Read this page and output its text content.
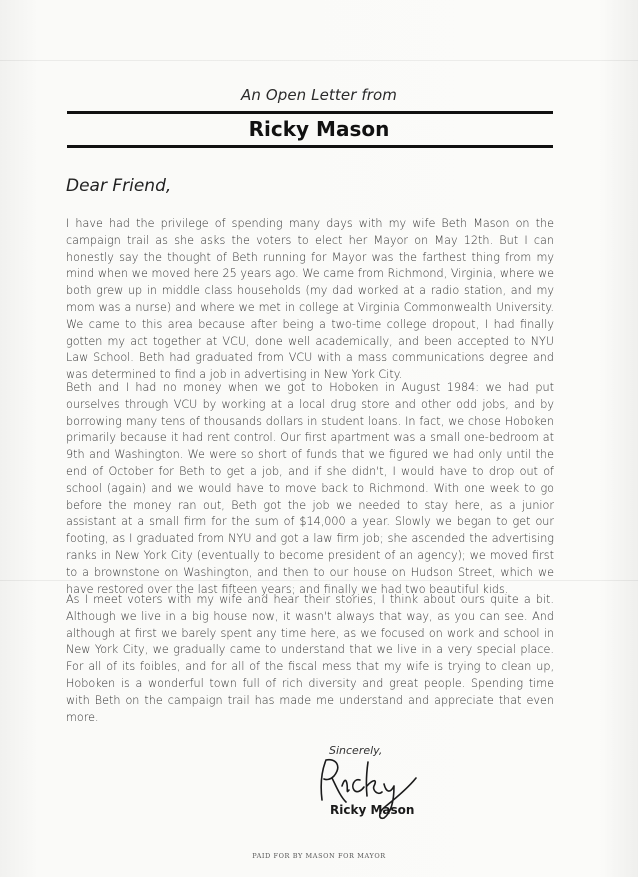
An Open Letter from
Ricky Mason
Dear Friend,
I have had the privilege of spending many days with my wife Beth Mason on the campaign trail as she asks the voters to elect her Mayor on May 12th. But I can honestly say the thought of Beth running for Mayor was the farthest thing from my mind when we moved here 25 years ago. We came from Richmond, Virginia, where we both grew up in middle class households (my dad worked at a radio station, and my mom was a nurse) and where we met in college at Virginia Commonwealth University. We came to this area because after being a two-time college dropout, I had finally gotten my act together at VCU, done well academically, and been accepted to NYU Law School. Beth had graduated from VCU with a mass communications degree and was determined to find a job in advertising in New York City.
Beth and I had no money when we got to Hoboken in August 1984: we had put ourselves through VCU by working at a local drug store and other odd jobs, and by borrowing many tens of thousands dollars in student loans. In fact, we chose Hoboken primarily because it had rent control. Our first apartment was a small one-bedroom at 9th and Washington. We were so short of funds that we figured we had only until the end of October for Beth to get a job, and if she didn't, I would have to drop out of school (again) and we would have to move back to Richmond. With one week to go before the money ran out, Beth got the job we needed to stay here, as a junior assistant at a small firm for the sum of $14,000 a year. Slowly we began to get our footing, as I graduated from NYU and got a law firm job; she ascended the advertising ranks in New York City (eventually to become president of an agency); we moved first to a brownstone on Washington, and then to our house on Hudson Street, which we have restored over the last fifteen years; and finally we had two beautiful kids.
As I meet voters with my wife and hear their stories, I think about ours quite a bit. Although we live in a big house now, it wasn't always that way, as you can see. And although at first we barely spent any time here, as we focused on work and school in New York City, we gradually came to understand that we live in a very special place. For all of its foibles, and for all of the fiscal mess that my wife is trying to clean up, Hoboken is a wonderful town full of rich diversity and great people. Spending time with Beth on the campaign trail has made me understand and appreciate that even more.
Sincerely,
Ricky Mason
PAID FOR BY MASON FOR MAYOR
